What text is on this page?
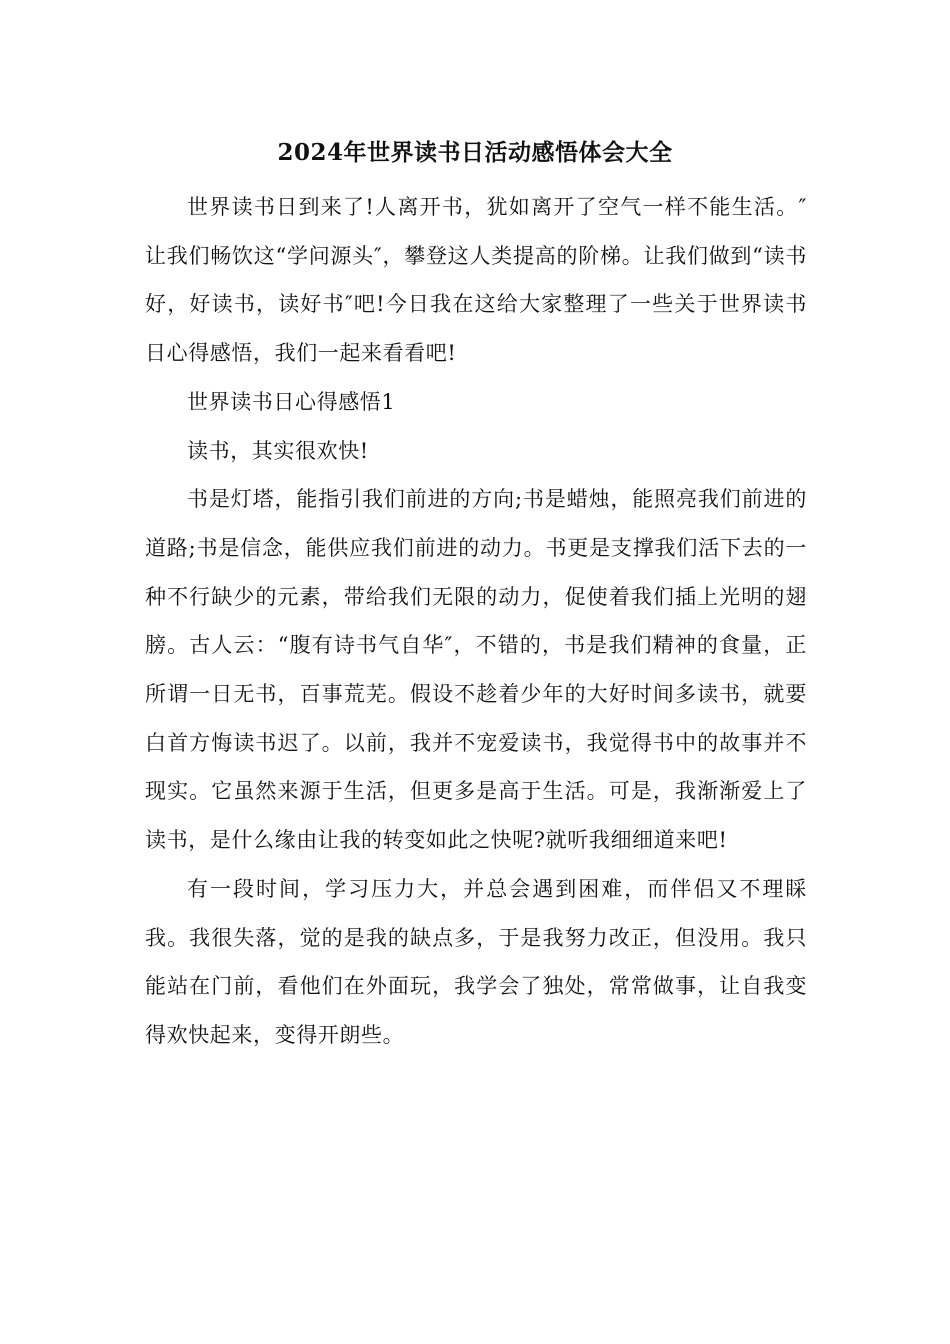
2024年世界读书日活动感悟体会大全

世界读书日到来了!人离开书，犹如离开了空气一样不能生活。″让我们畅饮这“学问源头″，攀登这人类提高的阶梯。让我们做到“读书好，好读书，读好书″吧!今日我在这给大家整理了一些关于世界读书日心得感悟，我们一起来看看吧!

世界读书日心得感悟1

读书，其实很欢快!

书是灯塔，能指引我们前进的方向;书是蜡烛，能照亮我们前进的道路;书是信念，能供应我们前进的动力。书更是支撑我们活下去的一种不行缺少的元素，带给我们无限的动力，促使着我们插上光明的翅膀。古人云：“腹有诗书气自华″，不错的，书是我们精神的食量，正所谓一日无书，百事荒芜。假设不趁着少年的大好时间多读书，就要白首方悔读书迟了。以前，我并不宠爱读书，我觉得书中的故事并不现实。它虽然来源于生活，但更多是高于生活。可是，我渐渐爱上了读书，是什么缘由让我的转变如此之快呢?就听我细细道来吧!

有一段时间，学习压力大，并总会遇到困难，而伴侣又不理睬我。我很失落，觉的是我的缺点多，于是我努力改正，但没用。我只能站在门前，看他们在外面玩，我学会了独处，常常做事，让自我变得欢快起来，变得开朗些。
